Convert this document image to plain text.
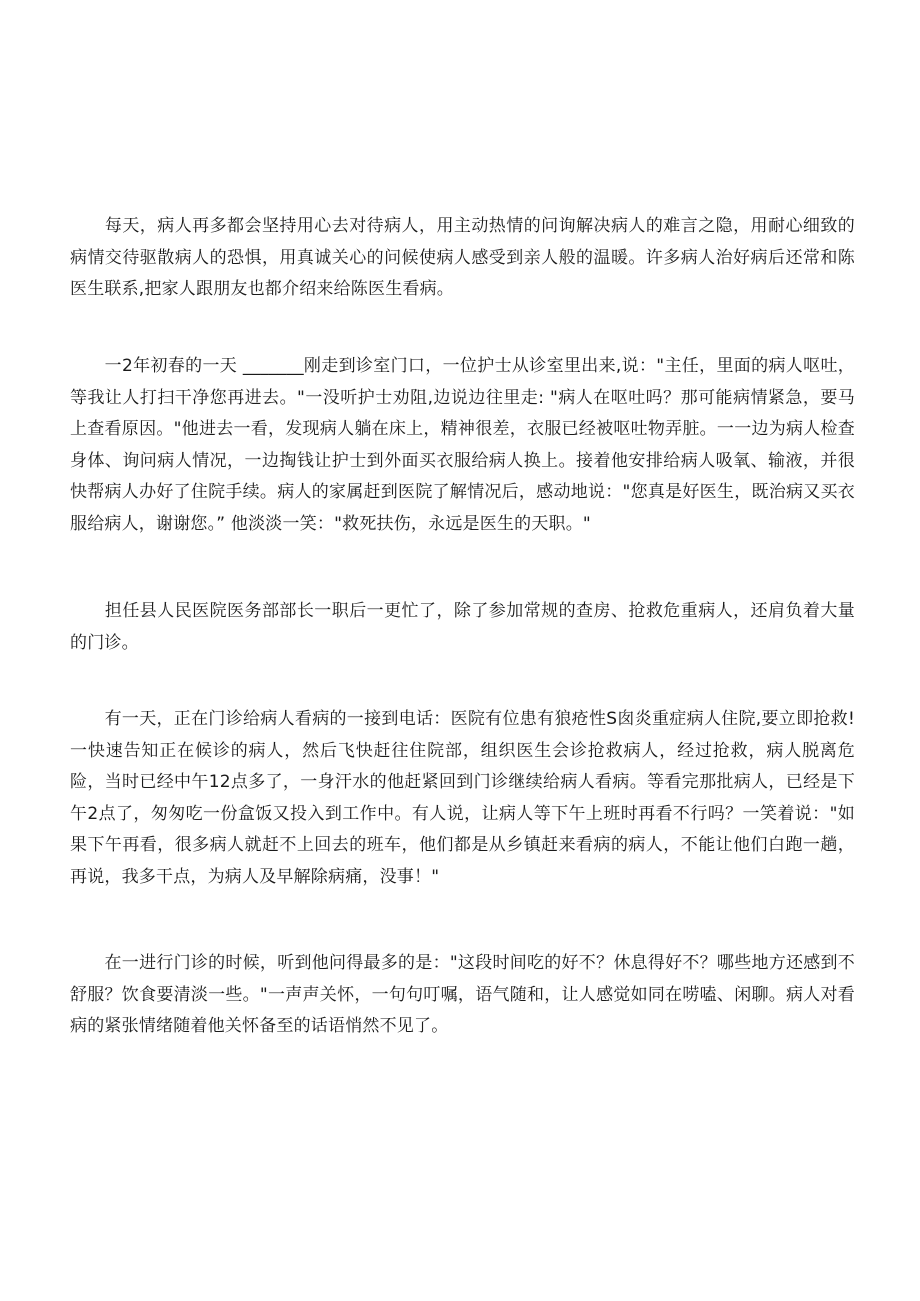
　　每天，病人再多都会坚持用心去对待病人，用主动热情的问询解决病人的难言之隐，用耐心细致的病情交待驱散病人的恐惧，用真诚关心的问候使病人感受到亲人般的温暖。许多病人治好病后还常和陈医生联系,把家人跟朋友也都介绍来给陈医生看病。

　　一2年初春的一天 _______刚走到诊室门口，一位护士从诊室里出来,说："主任，里面的病人呕吐，等我让人打扫干净您再进去。"一没听护士劝阻,边说边往里走: "病人在呕吐吗？那可能病情紧急，要马上查看原因。"他进去一看，发现病人躺在床上，精神很差，衣服已经被呕吐物弄脏。一一边为病人检查身体、询问病人情况，一边掏钱让护士到外面买衣服给病人换上。接着他安排给病人吸氧、输液，并很快帮病人办好了住院手续。病人的家属赶到医院了解情况后，感动地说："您真是好医生，既治病又买衣服给病人，谢谢您。” 他淡淡一笑："救死扶伤，永远是医生的天职。"

　　担任县人民医院医务部部长一职后一更忙了，除了参加常规的查房、抢救危重病人，还肩负着大量的门诊。

　　有一天，正在门诊给病人看病的一接到电话：医院有位患有狼疮性S囱炎重症病人住院,要立即抢救!一快速告知正在候诊的病人，然后飞快赶往住院部，组织医生会诊抢救病人，经过抢救，病人脱离危险，当时已经中午12点多了，一身汗水的他赶紧回到门诊继续给病人看病。等看完那批病人，已经是下午2点了，匆匆吃一份盒饭又投入到工作中。有人说，让病人等下午上班时再看不行吗？一笑着说："如果下午再看，很多病人就赶不上回去的班车，他们都是从乡镇赶来看病的病人，不能让他们白跑一趟，再说，我多干点，为病人及早解除病痛，没事！"

　　在一进行门诊的时候，听到他问得最多的是："这段时间吃的好不？休息得好不？哪些地方还感到不舒服？饮食要清淡一些。"一声声关怀，一句句叮嘱，语气随和，让人感觉如同在唠嗑、闲聊。病人对看病的紧张情绪随着他关怀备至的话语悄然不见了。
